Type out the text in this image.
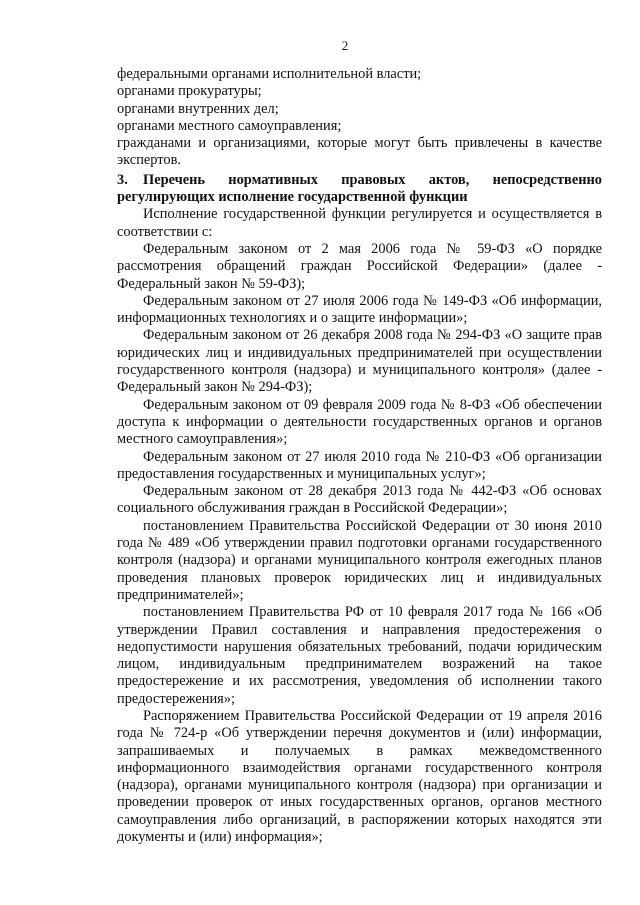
2

федеральными органами исполнительной власти;

органами прокуратуры;

органами внутренних дел;

органами местного самоуправления;

гражданами и организациями, которые могут быть привлечены в качестве экспертов.

3. Перечень нормативных правовых актов, непосредственно регулирующих исполнение государственной функции

Исполнение государственной функции регулируется и осуществляется в соответствии с:

Федеральным законом от 2 мая 2006 года № 59-ФЗ «О порядке рассмотрения обращений граждан Российской Федерации» (далее - Федеральный закон № 59-ФЗ);

Федеральным законом от 27 июля 2006 года № 149-ФЗ «Об информации, информационных технологиях и о защите информации»;

Федеральным законом от 26 декабря 2008 года № 294-ФЗ «О защите прав юридических лиц и индивидуальных предпринимателей при осуществлении государственного контроля (надзора) и муниципального контроля» (далее - Федеральный закон № 294-ФЗ);

Федеральным законом от 09 февраля 2009 года № 8-ФЗ «Об обеспечении доступа к информации о деятельности государственных органов и органов местного самоуправления»;

Федеральным законом от 27 июля 2010 года № 210-ФЗ «Об организации предоставления государственных и муниципальных услуг»;

Федеральным законом от 28 декабря 2013 года № 442-ФЗ «Об основах социального обслуживания граждан в Российской Федерации»;

постановлением Правительства Российской Федерации от 30 июня 2010 года № 489 «Об утверждении правил подготовки органами государственного контроля (надзора) и органами муниципального контроля ежегодных планов проведения плановых проверок юридических лиц и индивидуальных предпринимателей»;

постановлением Правительства РФ от 10 февраля 2017 года № 166 «Об утверждении Правил составления и направления предостережения о недопустимости нарушения обязательных требований, подачи юридическим лицом, индивидуальным предпринимателем возражений на такое предостережение и их рассмотрения, уведомления об исполнении такого предостережения»;

Распоряжением Правительства Российской Федерации от 19 апреля 2016 года № 724-р «Об утверждении перечня документов и (или) информации, запрашиваемых и получаемых в рамках межведомственного информационного взаимодействия органами государственного контроля (надзора), органами муниципального контроля (надзора) при организации и проведении проверок от иных государственных органов, органов местного самоуправления либо организаций, в распоряжении которых находятся эти документы и (или) информация»;
